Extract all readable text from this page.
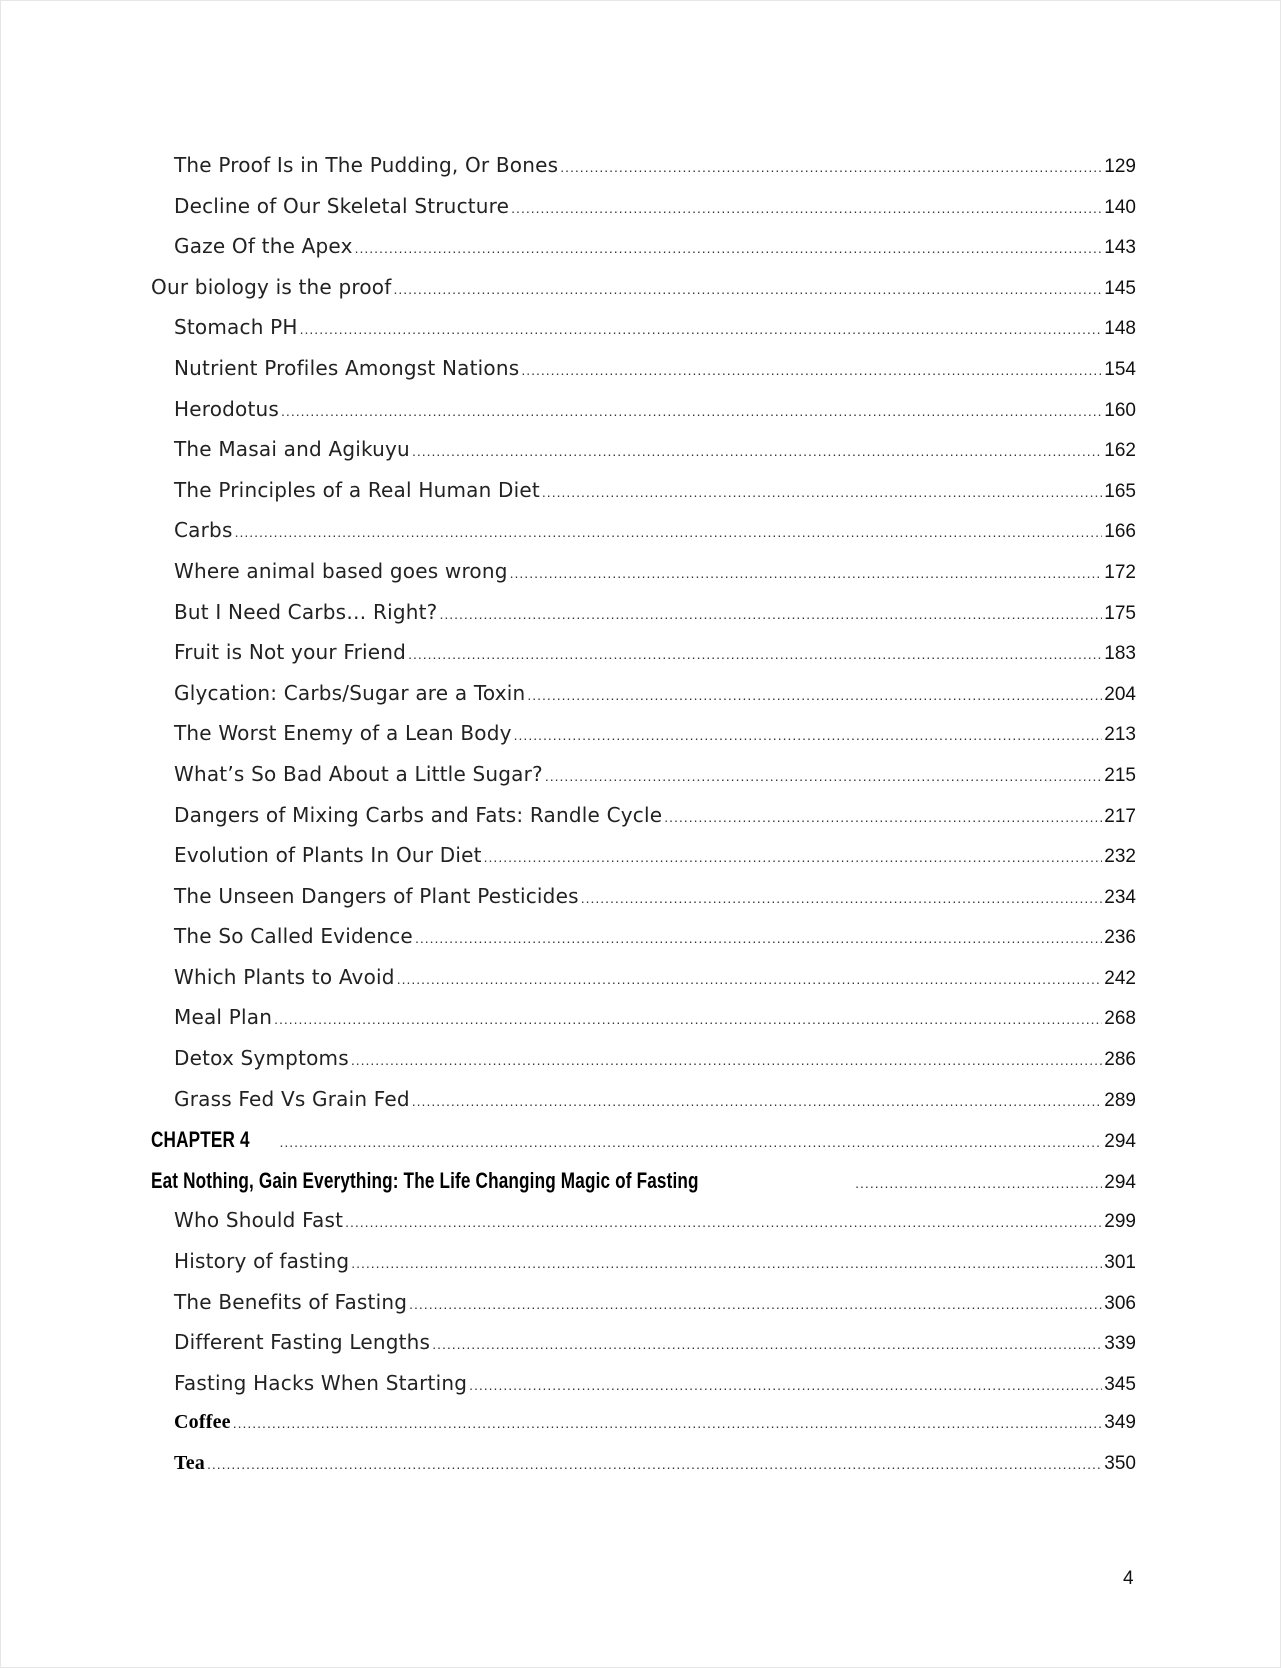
The Proof Is in The Pudding, Or Bones .....	129
Decline of Our Skeletal Structure .....	140
Gaze Of the Apex .....	143
Our biology is the proof .....	145
Stomach PH .....	148
Nutrient Profiles Amongst Nations .....	154
Herodotus .....	160
The Masai and Agikuyu .....	162
The Principles of a Real Human Diet .....	165
Carbs .....	166
Where animal based goes wrong .....	172
But I Need Carbs… Right? .....	175
Fruit is Not your Friend .....	183
Glycation: Carbs/Sugar are a Toxin .....	204
The Worst Enemy of a Lean Body .....	213
What’s So Bad About a Little Sugar? .....	215
Dangers of Mixing Carbs and Fats: Randle Cycle .....	217
Evolution of Plants In Our Diet .....	232
The Unseen Dangers of Plant Pesticides .....	234
The So Called Evidence .....	236
Which Plants to Avoid .....	242
Meal Plan .....	268
Detox Symptoms .....	286
Grass Fed Vs Grain Fed .....	289
CHAPTER 4 .....	294
Eat Nothing, Gain Everything: The Life Changing Magic of Fasting .....	294
Who Should Fast .....	299
History of fasting .....	301
The Benefits of Fasting .....	306
Different Fasting Lengths .....	339
Fasting Hacks When Starting .....	345
Coffee .....	349
Tea .....	350
4
